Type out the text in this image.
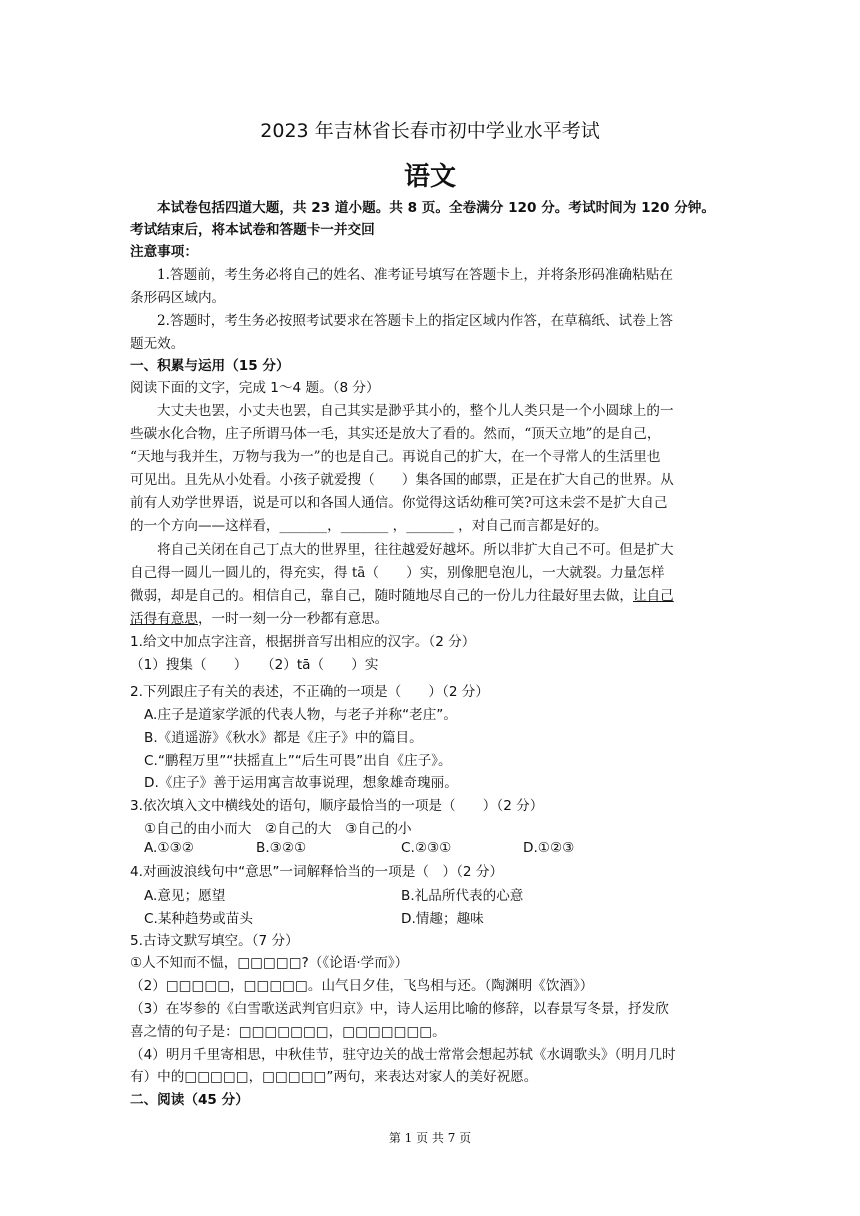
2023 年吉林省长春市初中学业水平考试
语文
本试卷包括四道大题，共 23 道小题。共 8 页。全卷满分 120 分。考试时间为 120 分钟。
考试结束后，将本试卷和答题卡一并交回
注意事项：
1.答题前，考生务必将自己的姓名、准考证号填写在答题卡上，并将条形码准确粘贴在
条形码区域内。
2.答题时，考生务必按照考试要求在答题卡上的指定区域内作答，在草稿纸、试卷上答
题无效。
一、积累与运用（15 分）
阅读下面的文字，完成 1～4 题。（8 分）
大丈夫也罢，小丈夫也罢，自己其实是渺乎其小的，整个儿人类只是一个小圆球上的一
些碳水化合物，庄子所谓马体一毛，其实还是放大了看的。然而，“顶天立地”的是自己，
“天地与我并生，万物与我为一”的也是自己。再说自己的扩大，在一个寻常人的生活里也
可见出。且先从小处看。小孩子就爱搜（　　）集各国的邮票，正是在扩大自己的世界。从
前有人劝学世界语，说是可以和各国人通信。你觉得这话幼稚可笑?可这未尝不是扩大自己
的一个方向——这样看，_______，_______ ，_______ ，对自己而言都是好的。
将自己关闭在自己丁点大的世界里，往往越爱好越坏。所以非扩大自己不可。但是扩大
自己得一圆儿一圆儿的，得充实，得 tā（　　）实，别像肥皂泡儿，一大就裂。力量怎样
微弱，却是自己的。相信自己，靠自己，随时随地尽自己的一份儿力往最好里去做，让自己
活得有意思，一时一刻一分一秒都有意思。
1.给文中加点字注音，根据拼音写出相应的汉字。（2 分）
（1）搜集（　　）　　（2）tā（　　）实
2.下列跟庄子有关的表述，不正确的一项是（　　）（2 分）
A.庄子是道家学派的代表人物，与老子并称“老庄”。
B.《逍遥游》《秋水》都是《庄子》中的篇目。
C.“鹏程万里”“扶摇直上”“后生可畏”出自《庄子》。
D.《庄子》善于运用寓言故事说理，想象雄奇瑰丽。
3.依次填入文中横线处的语句，顺序最恰当的一项是（　　）（2 分）
①自己的由小而大　②自己的大　③自己的小
A.①③②	B.③②①	C.②③①	D.①②③
4.对画波浪线句中“意思”一词解释恰当的一项是（　）（2 分）
A.意见；愿望	B.礼品所代表的心意
C.某种趋势或苗头	D.情趣；趣味
5.古诗文默写填空。（7 分）
①人不知而不愠，□□□□□?（《论语·学而》）
（2）□□□□□，□□□□□。山气日夕佳，飞鸟相与还。（陶渊明《饮酒》）
（3）在岑参的《白雪歌送武判官归京》中，诗人运用比喻的修辞，以春景写冬景，抒发欣
喜之情的句子是：□□□□□□□，□□□□□□□。
（4）明月千里寄相思，中秋佳节，驻守边关的战士常常会想起苏轼《水调歌头》（明月几时
有）中的□□□□□，□□□□□”两句，来表达对家人的美好祝愿。
二、阅读（45 分）
第 1 页 共 7 页
